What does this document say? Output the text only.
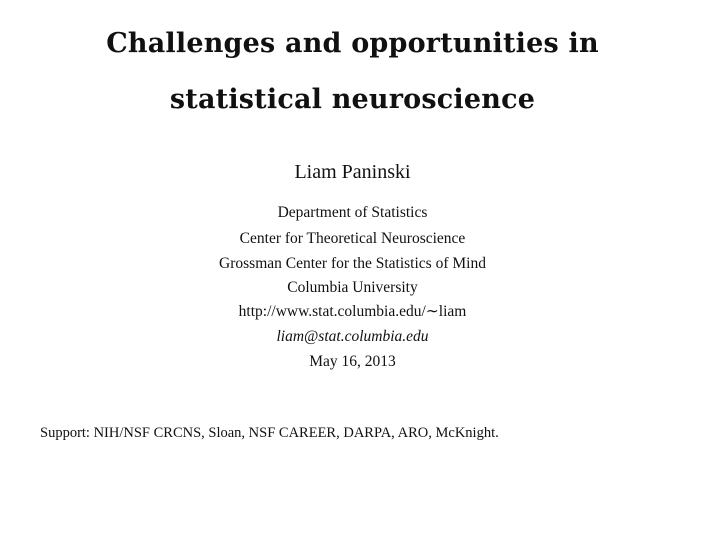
Challenges and opportunities in
statistical neuroscience
Liam Paninski
Department of Statistics
Center for Theoretical Neuroscience
Grossman Center for the Statistics of Mind
Columbia University
http://www.stat.columbia.edu/∼liam
liam@stat.columbia.edu
May 16, 2013
Support: NIH/NSF CRCNS, Sloan, NSF CAREER, DARPA, ARO, McKnight.
